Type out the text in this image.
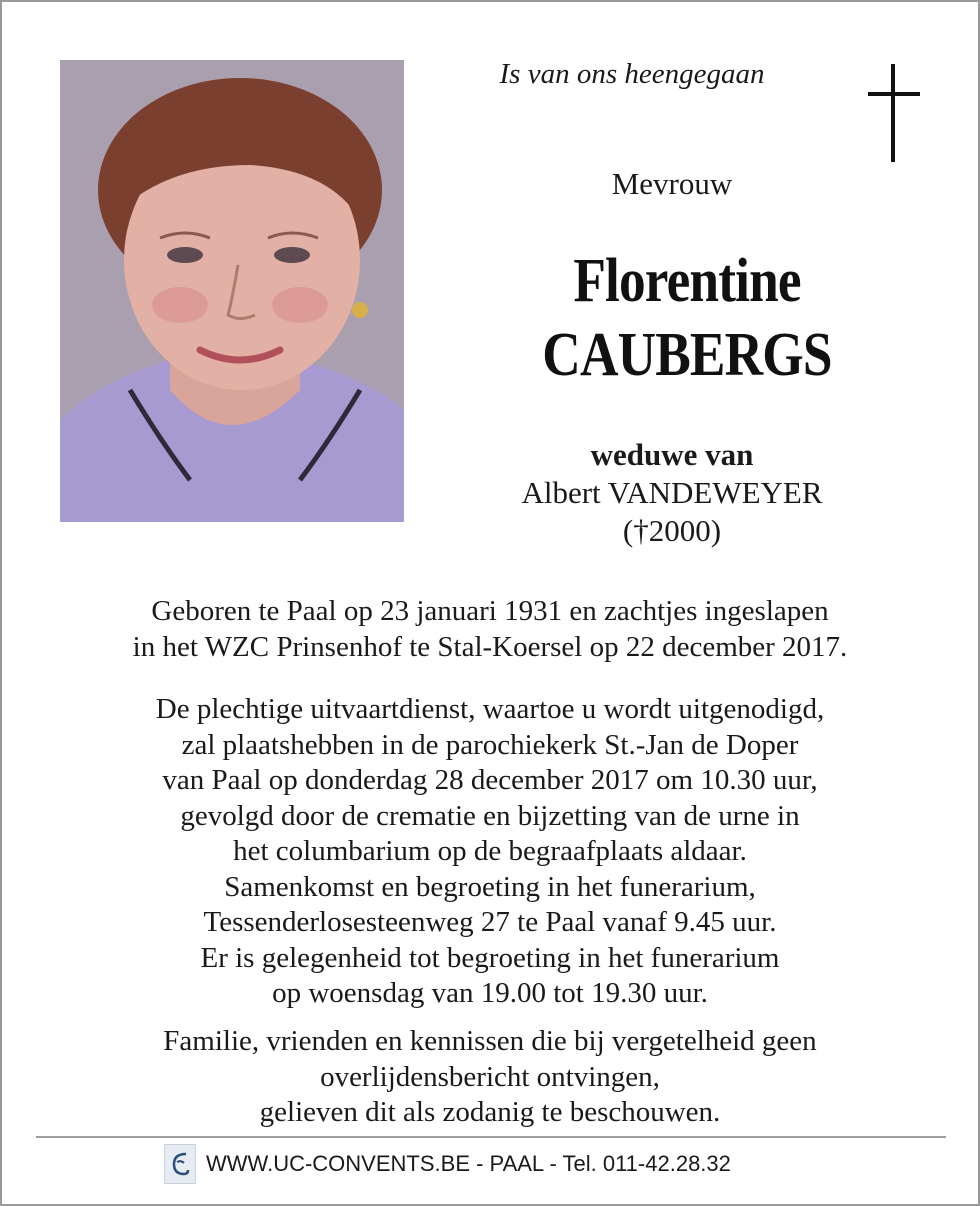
Is van ons heengegaan
Mevrouw
Florentine
CAUBERGS
weduwe van
Albert VANDEWEYER
(†2000)
Geboren te Paal op 23 januari 1931 en zachtjes ingeslapen
in het WZC Prinsenhof te Stal-Koersel op 22 december 2017.
De plechtige uitvaartdienst, waartoe u wordt uitgenodigd,
zal plaatshebben in de parochiekerk St.-Jan de Doper
van Paal op donderdag 28 december 2017 om 10.30 uur,
gevolgd door de crematie en bijzetting van de urne in
het columbarium op de begraafplaats aldaar.
Samenkomst en begroeting in het funerarium,
Tessenderlosesteenweg 27 te Paal vanaf 9.45 uur.
Er is gelegenheid tot begroeting in het funerarium
op woensdag van 19.00 tot 19.30 uur.
Familie, vrienden en kennissen die bij vergetelheid geen
overlijdensbericht ontvingen,
gelieven dit als zodanig te beschouwen.
WWW.UC-CONVENTS.BE - PAAL - Tel. 011-42.28.32
